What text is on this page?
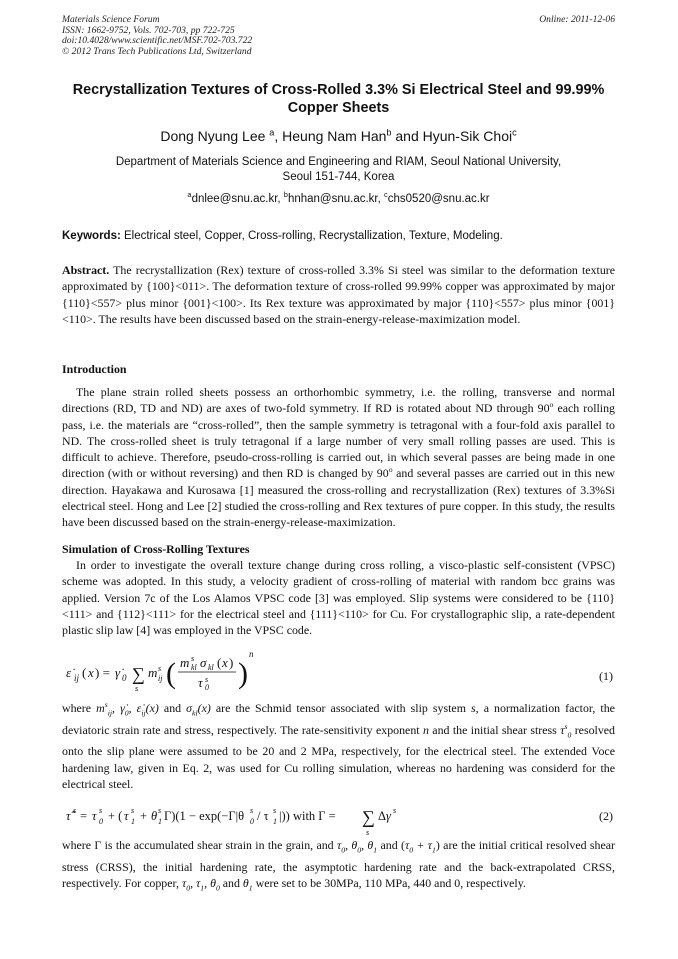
Materials Science Forum
ISSN: 1662-9752, Vols. 702-703, pp 722-725
doi:10.4028/www.scientific.net/MSF.702-703.722
© 2012 Trans Tech Publications Ltd, Switzerland
Online: 2011-12-06
Recrystallization Textures of Cross-Rolled 3.3% Si Electrical Steel and 99.99% Copper Sheets
Dong Nyung Lee $^a$, Heung Nam Han$^b$ and Hyun-Sik Choi$^c$
Department of Materials Science and Engineering and RIAM, Seoul National University,
Seoul 151-744, Korea
$^a$dnlee@snu.ac.kr, $^b$hnhan@snu.ac.kr, $^c$chs0520@snu.ac.kr
Keywords: Electrical steel, Copper, Cross-rolling, Recrystallization, Texture, Modeling.
Abstract. The recrystallization (Rex) texture of cross-rolled 3.3% Si steel was similar to the deformation texture approximated by {100}<011>. The deformation texture of cross-rolled 99.99% copper was approximated by major {110}<557> plus minor {001}<100>. Its Rex texture was approximated by major {110}<557> plus minor {001}<110>. The results have been discussed based on the strain-energy-release-maximization model.
Introduction
The plane strain rolled sheets possess an orthorhombic symmetry, i.e. the rolling, transverse and normal directions (RD, TD and ND) are axes of two-fold symmetry. If RD is rotated about ND through 90$^o$ each rolling pass, i.e. the materials are “cross-rolled”, then the sample symmetry is tetragonal with a four-fold axis parallel to ND. The cross-rolled sheet is truly tetragonal if a large number of very small rolling passes are used. This is difficult to achieve. Therefore, pseudo-cross-rolling is carried out, in which several passes are being made in one direction (with or without reversing) and then RD is changed by 90$^o$ and several passes are carried out in this new direction. Hayakawa and Kurosawa [1] measured the cross-rolling and recrystallization (Rex) textures of 3.3%Si electrical steel. Hong and Lee [2] studied the cross-rolling and Rex textures of pure copper. In this study, the results have been discussed based on the strain-energy-release-maximization.
Simulation of Cross-Rolling Textures
In order to investigate the overall texture change during cross rolling, a visco-plastic self-consistent (VPSC) scheme was adopted. In this study, a velocity gradient of cross-rolling of material with random bcc grains was applied. Version 7c of the Los Alamos VPSC code [3] was employed. Slip systems were considered to be {110}<111> and {112}<111> for the electrical steel and {111}<110> for Cu. For crystallographic slip, a rate-dependent plastic slip law [4] was employed in the VPSC code.
ε̇ ij ( x ) = γ̇ 0 ∑
s
m s
ij ( m s
kl σ kl ( x )
τ 0
s )
n
(1)
where $m^s_{ij}$, $\gammȧ_0$, $\varepsiloṅ_{ij}(x)$ and $\sigma_{kl}(x)$ are the Schmid tensor associated with slip system s, a normalization factor, the deviatoric strain rate and stress, respectively. The rate-sensitivity exponent n and the initial shear stress $\tau^s_0$ resolved onto the slip plane were assumed to be 20 and 2 MPa, respectively, for the electrical steel. The extended Voce hardening law, given in Eq. 2, was used for Cu rolling simulation, whereas no hardening was considerd for the electrical steel.
τ̂ s = τ s
0 + ( τ s
1 + θ s
1 Γ)(1 − exp(−Γ|θ s
0 / τ s
1 |)) with Γ = ∑
s
Δ γ s	(2)
where Γ is the accumulated shear strain in the grain, and $\tau_0$, $\theta_0$, $\theta_1$ and $(\tau_0 + \tau_1)$ are the initial critical resolved shear stress (CRSS), the initial hardening rate, the asymptotic hardening rate and the back-extrapolated CRSS, respectively. For copper, $\tau_0$, $\tau_1$, $\theta_0$ and $\theta_1$ were set to be 30MPa, 110 MPa, 440 and 0, respectively.
